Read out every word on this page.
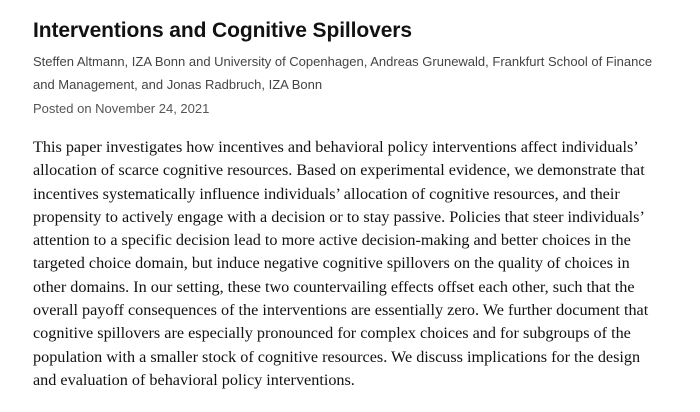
Interventions and Cognitive Spillovers

Steffen Altmann, IZA Bonn and University of Copenhagen, Andreas Grunewald, Frankfurt School of Finance and Management, and Jonas Radbruch, IZA Bonn

Posted on November 24, 2021

This paper investigates how incentives and behavioral policy interventions affect individuals’ allocation of scarce cognitive resources. Based on experimental evidence, we demonstrate that incentives systematically influence individuals’ allocation of cognitive resources, and their propensity to actively engage with a decision or to stay passive. Policies that steer individuals’ attention to a specific decision lead to more active decision-making and better choices in the targeted choice domain, but induce negative cognitive spillovers on the quality of choices in other domains. In our setting, these two countervailing effects offset each other, such that the overall payoff consequences of the interventions are essentially zero. We further document that cognitive spillovers are especially pronounced for complex choices and for subgroups of the population with a smaller stock of cognitive resources. We discuss implications for the design and evaluation of behavioral policy interventions.
